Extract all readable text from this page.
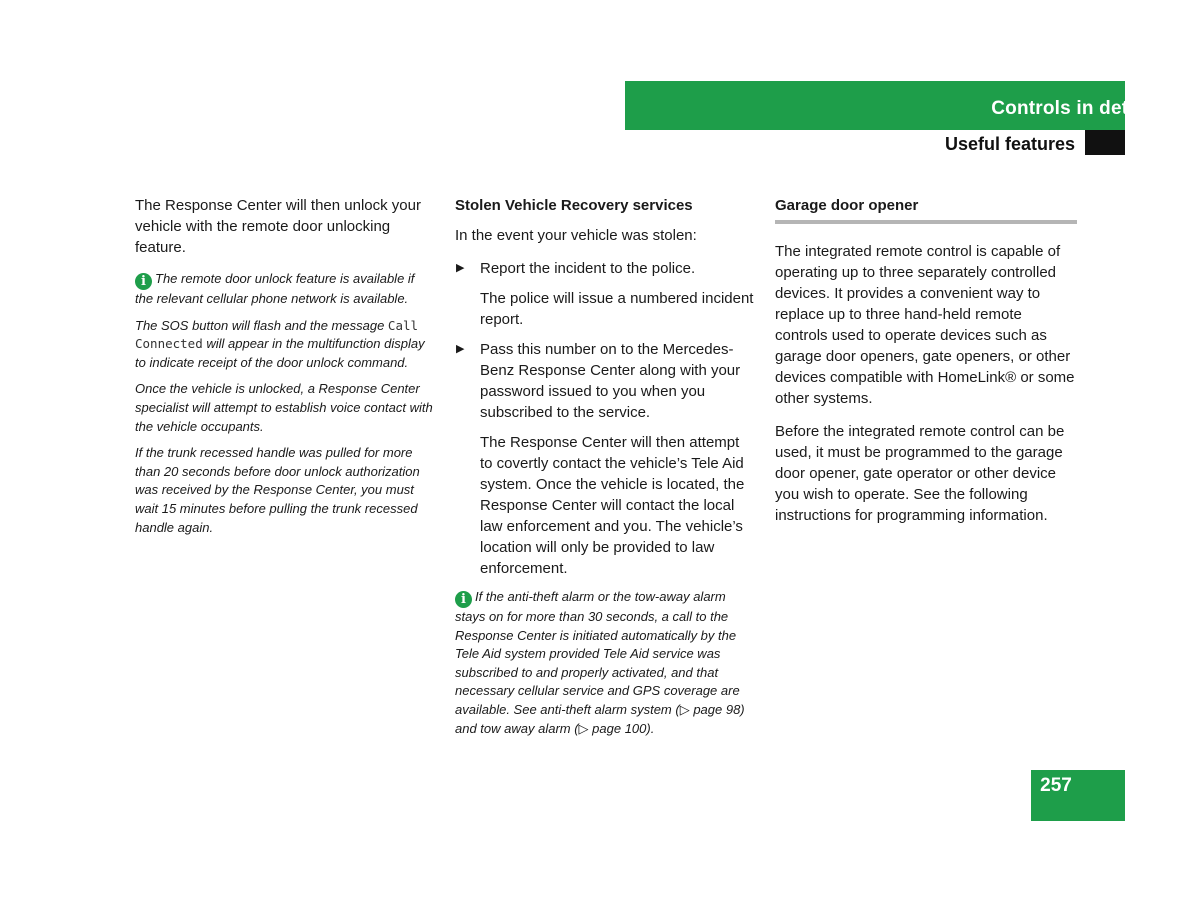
Controls in detail
Useful features

The Response Center will then unlock your vehicle with the remote door unlocking feature.

i The remote door unlock feature is available if the relevant cellular phone network is available.

The SOS button will flash and the message Call Connected will appear in the multifunction display to indicate receipt of the door unlock command.

Once the vehicle is unlocked, a Response Center specialist will attempt to establish voice contact with the vehicle occupants.

If the trunk recessed handle was pulled for more than 20 seconds before door unlock authorization was received by the Response Center, you must wait 15 minutes before pulling the trunk recessed handle again.

Stolen Vehicle Recovery services

In the event your vehicle was stolen:

▶ Report the incident to the police.

The police will issue a numbered incident report.

▶ Pass this number on to the Mercedes-Benz Response Center along with your password issued to you when you subscribed to the service.

The Response Center will then attempt to covertly contact the vehicle’s Tele Aid system. Once the vehicle is located, the Response Center will contact the local law enforcement and you. The vehicle’s location will only be provided to law enforcement.

i If the anti-theft alarm or the tow-away alarm stays on for more than 30 seconds, a call to the Response Center is initiated automatically by the Tele Aid system provided Tele Aid service was subscribed to and properly activated, and that necessary cellular service and GPS coverage are available. See anti-theft alarm system (▷ page 98) and tow away alarm (▷ page 100).

Garage door opener

The integrated remote control is capable of operating up to three separately controlled devices. It provides a convenient way to replace up to three hand-held remote controls used to operate devices such as garage door openers, gate openers, or other devices compatible with HomeLink® or some other systems.

Before the integrated remote control can be used, it must be programmed to the garage door opener, gate operator or other device you wish to operate. See the following instructions for programming information.

257
